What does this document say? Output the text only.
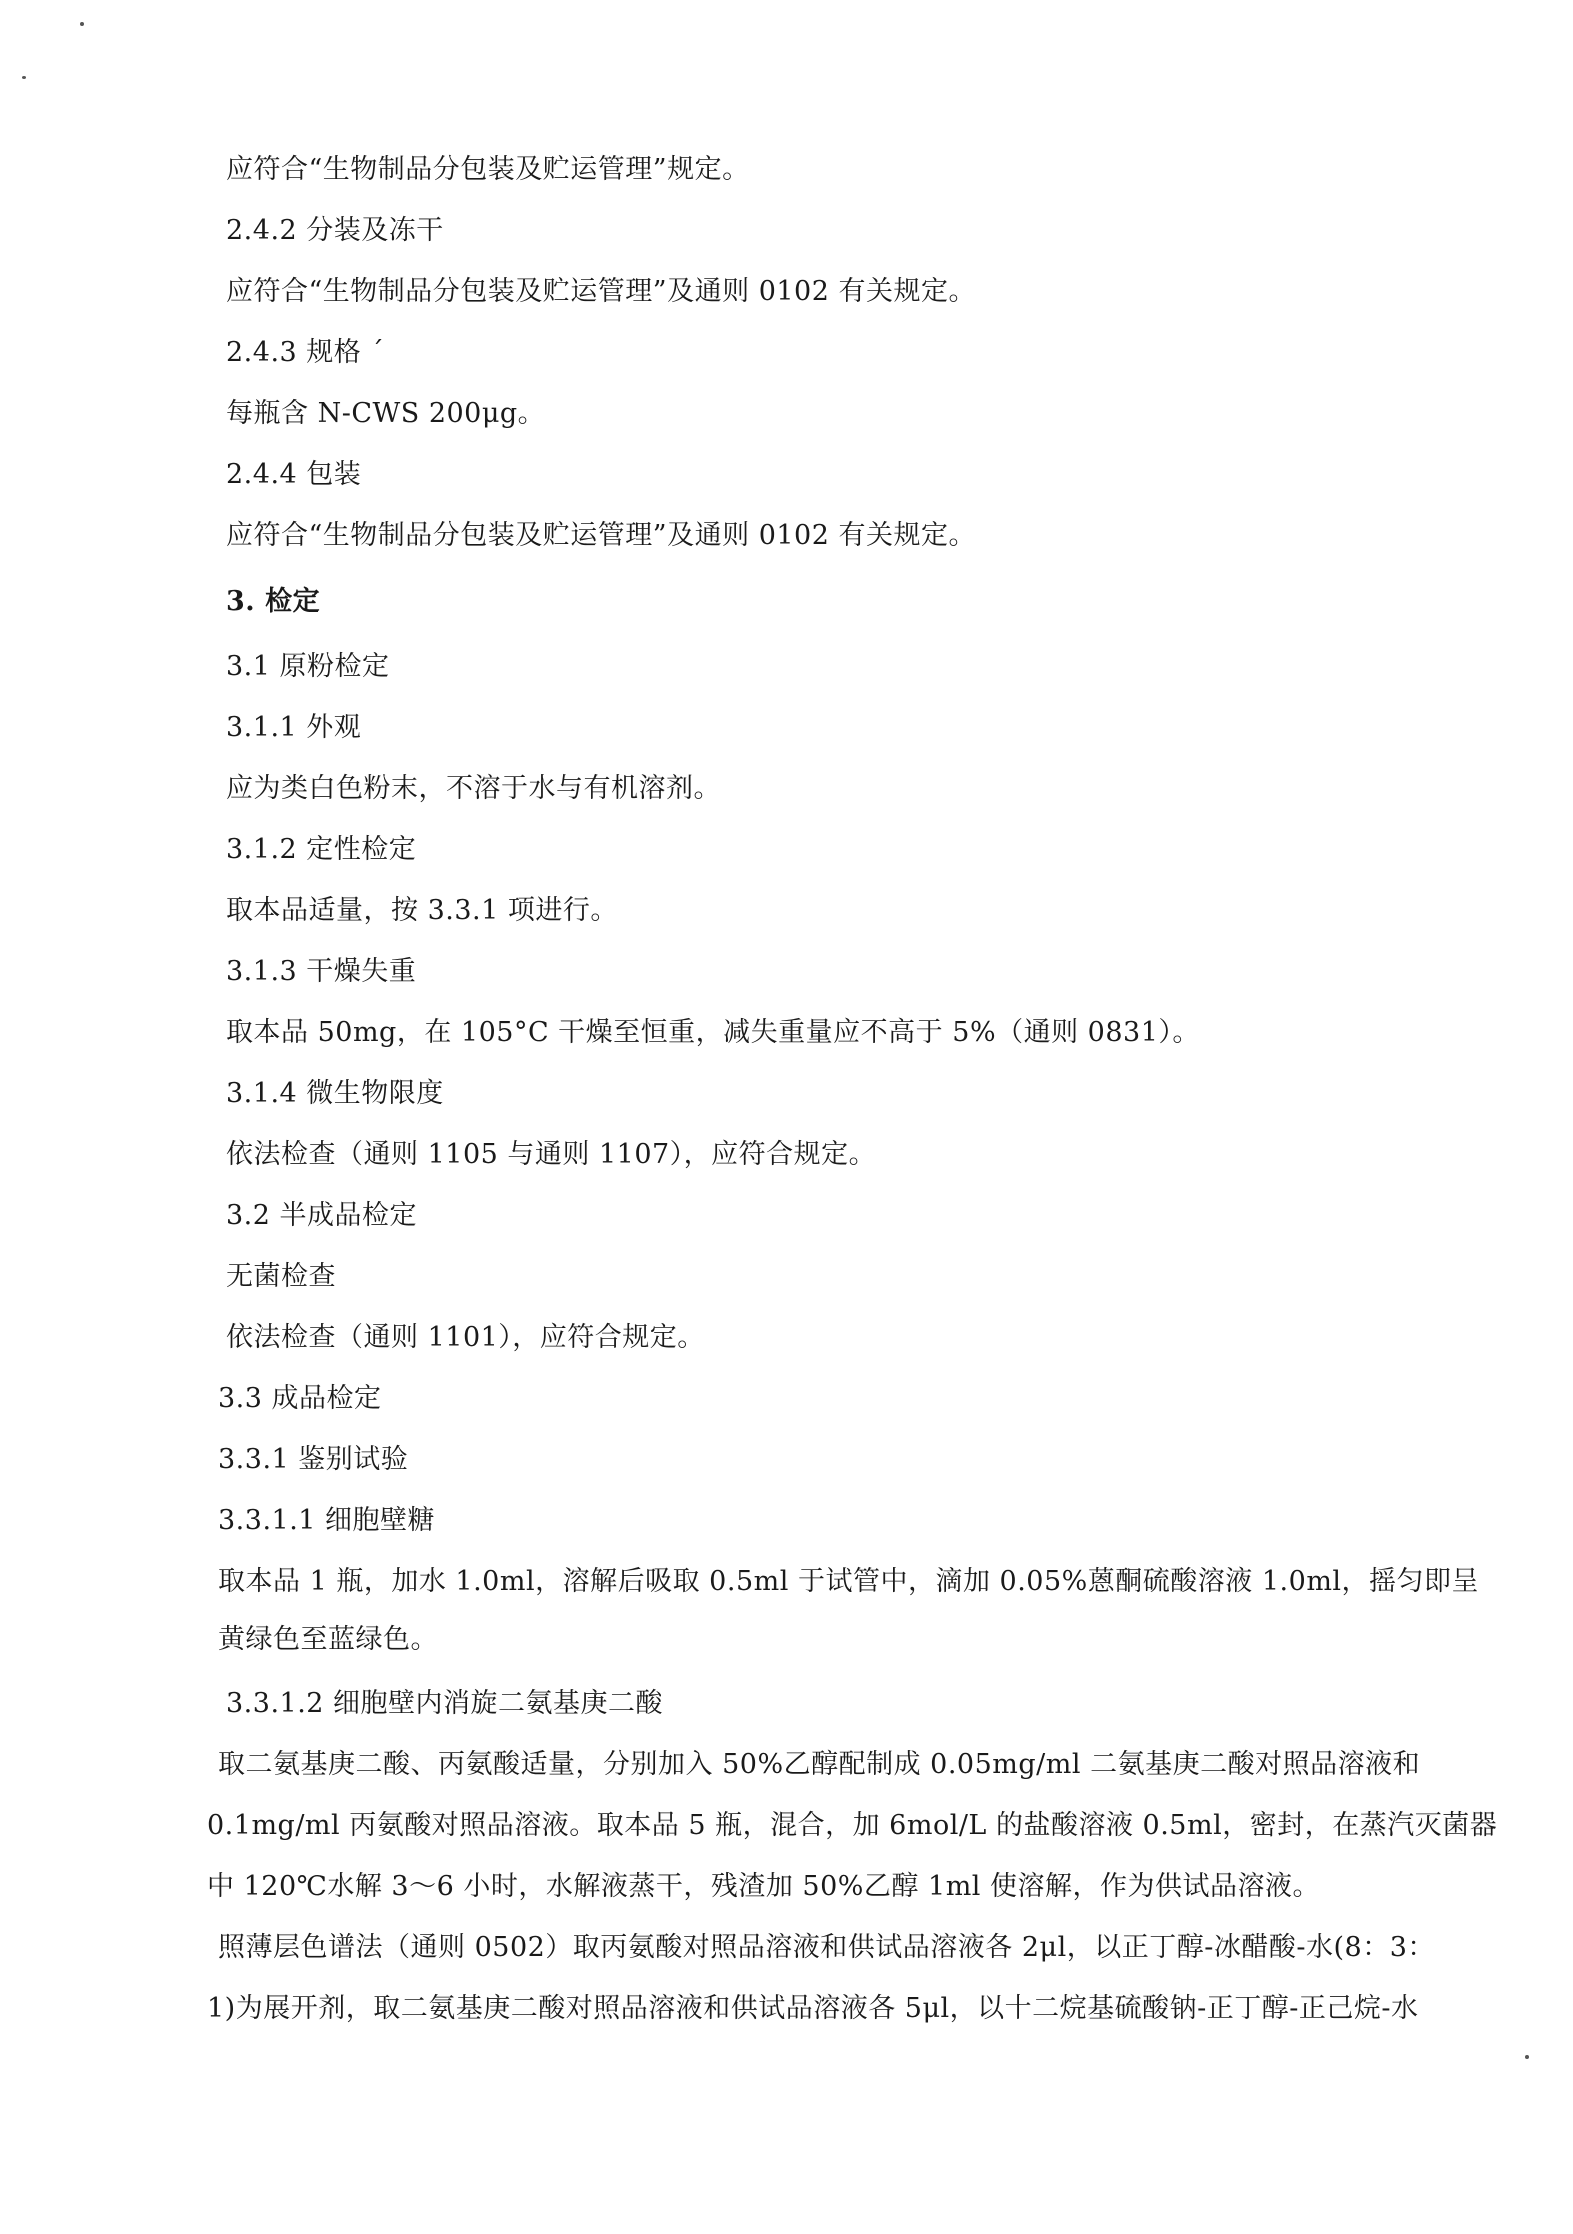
应符合“生物制品分包装及贮运管理”规定。
2.4.2 分装及冻干
应符合“生物制品分包装及贮运管理”及通则 0102 有关规定。
2.4.3 规格 ´
每瓶含 N-CWS 200μg。
2.4.4 包装
应符合“生物制品分包装及贮运管理”及通则 0102 有关规定。
3. 检定
3.1 原粉检定
3.1.1 外观
应为类白色粉末，不溶于水与有机溶剂。
3.1.2 定性检定
取本品适量，按 3.3.1 项进行。
3.1.3 干燥失重
取本品 50mg，在 105°C 干燥至恒重，减失重量应不高于 5%（通则 0831）。
3.1.4 微生物限度
依法检查（通则 1105 与通则 1107），应符合规定。
3.2 半成品检定
无菌检查
依法检查（通则 1101），应符合规定。
3.3 成品检定
3.3.1 鉴别试验
3.3.1.1 细胞壁糖
取本品 1 瓶，加水 1.0ml，溶解后吸取 0.5ml 于试管中，滴加 0.05%蒽酮硫酸溶液 1.0ml，摇匀即呈
黄绿色至蓝绿色。
3.3.1.2 细胞壁内消旋二氨基庚二酸
取二氨基庚二酸、丙氨酸适量，分别加入 50%乙醇配制成 0.05mg/ml 二氨基庚二酸对照品溶液和
0.1mg/ml 丙氨酸对照品溶液。取本品 5 瓶，混合，加 6mol/L 的盐酸溶液 0.5ml，密封，在蒸汽灭菌器
中 120℃水解 3～6 小时，水解液蒸干，残渣加 50%乙醇 1ml 使溶解，作为供试品溶液。
照薄层色谱法（通则 0502）取丙氨酸对照品溶液和供试品溶液各 2μl，以正丁醇-冰醋酸-水(8：3：
1)为展开剂，取二氨基庚二酸对照品溶液和供试品溶液各 5μl，以十二烷基硫酸钠-正丁醇-正己烷-水
